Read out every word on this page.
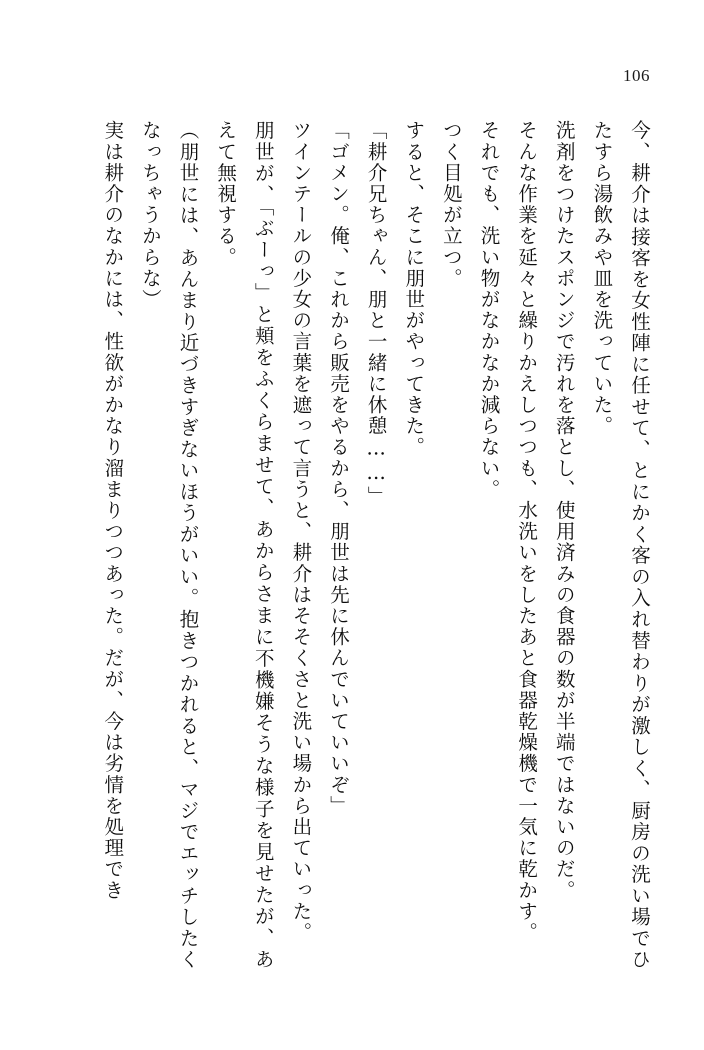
106

今、耕介は接客を女性陣に任せて、とにかく客の入れ替わりが激しく、厨房の洗い場でひたすら湯飲みや皿を洗っていた。

洗剤をつけたスポンジで汚れを落とし、使用済みの食器の数が半端ではないのだ。

そんな作業を延々と繰りかえしつつも、水洗いをしたあと食器乾燥機で一気に乾かす。

それでも、洗い物がなかなか減らない。

つく目処が立つ。

すると、そこに朋世がやってきた。

「耕介兄ちゃん、朋と一緒に休憩……」

「ゴメン。俺、これから販売をやるから、朋世は先に休んでいていいぞ」

ツインテールの少女の言葉を遮って言うと、耕介はそそくさと洗い場から出ていった。

朋世が、「ぶーっ」と頬をふくらませて、あからさまに不機嫌そうな様子を見せたが、あえて無視する。

（朋世には、あんまり近づきすぎないほうがいい。抱きつかれると、マジでエッチしたくなっちゃうからな）

実は耕介のなかには、性欲がかなり溜まりつつあった。だが、今は劣情を処理でき
